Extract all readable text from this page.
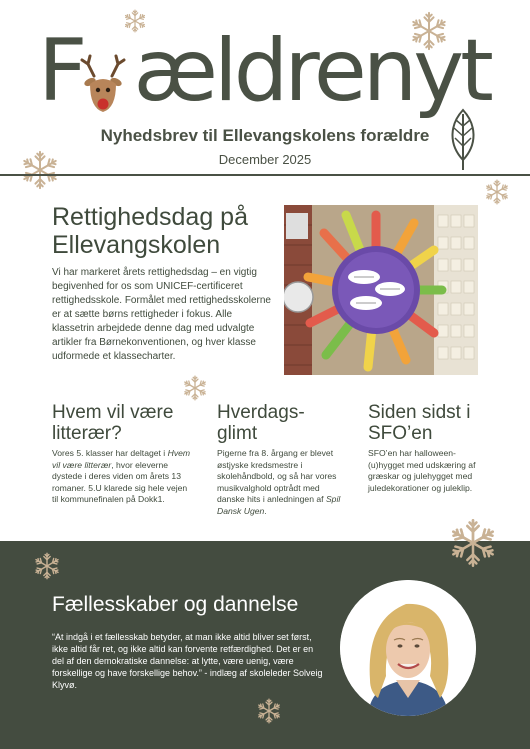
F ældrenyt
Nyhedsbrev til Ellevangskolens forældre
December 2025
Rettighedsdag på
Ellevangskolen
Vi har markeret årets rettighedsdag – en vigtig begivenhed for os som UNICEF-certificeret rettighedsskole. Formålet med rettighedsskolerne er at sætte børns rettigheder i fokus. Alle klassetrin arbejdede denne dag med udvalgte artikler fra Børnekonventionen, og hver klasse udformede et klassecharter.
Hvem vil være
litterær?
Vores 5. klasser har deltaget i Hvem vil være litterær, hvor eleverne dystede i deres viden om årets 13 romaner. 5.U klarede sig hele vejen til kommunefinalen på Dokk1.
Hverdags-
glimt
Pigerne fra 8. årgang er blevet østjyske kredsmestre i skolehåndbold, og så har vores musikvalghold optrådt med danske hits i anledningen af Spil Dansk Ugen.
Siden sidst i
SFO’en
SFO’en har halloween-(u)hygget med udskæring af græskar og julehygget med juledekorationer og juleklip.
Fællesskaber og dannelse
“At indgå i et fællesskab betyder, at man ikke altid bliver set først, ikke altid får ret, og ikke altid kan forvente retfærdighed. Det er en del af den demokratiske dannelse: at lytte, være uenig, være forskellige og have forskellige behov.” - indlæg af skoleleder Solveig Klyvø.
